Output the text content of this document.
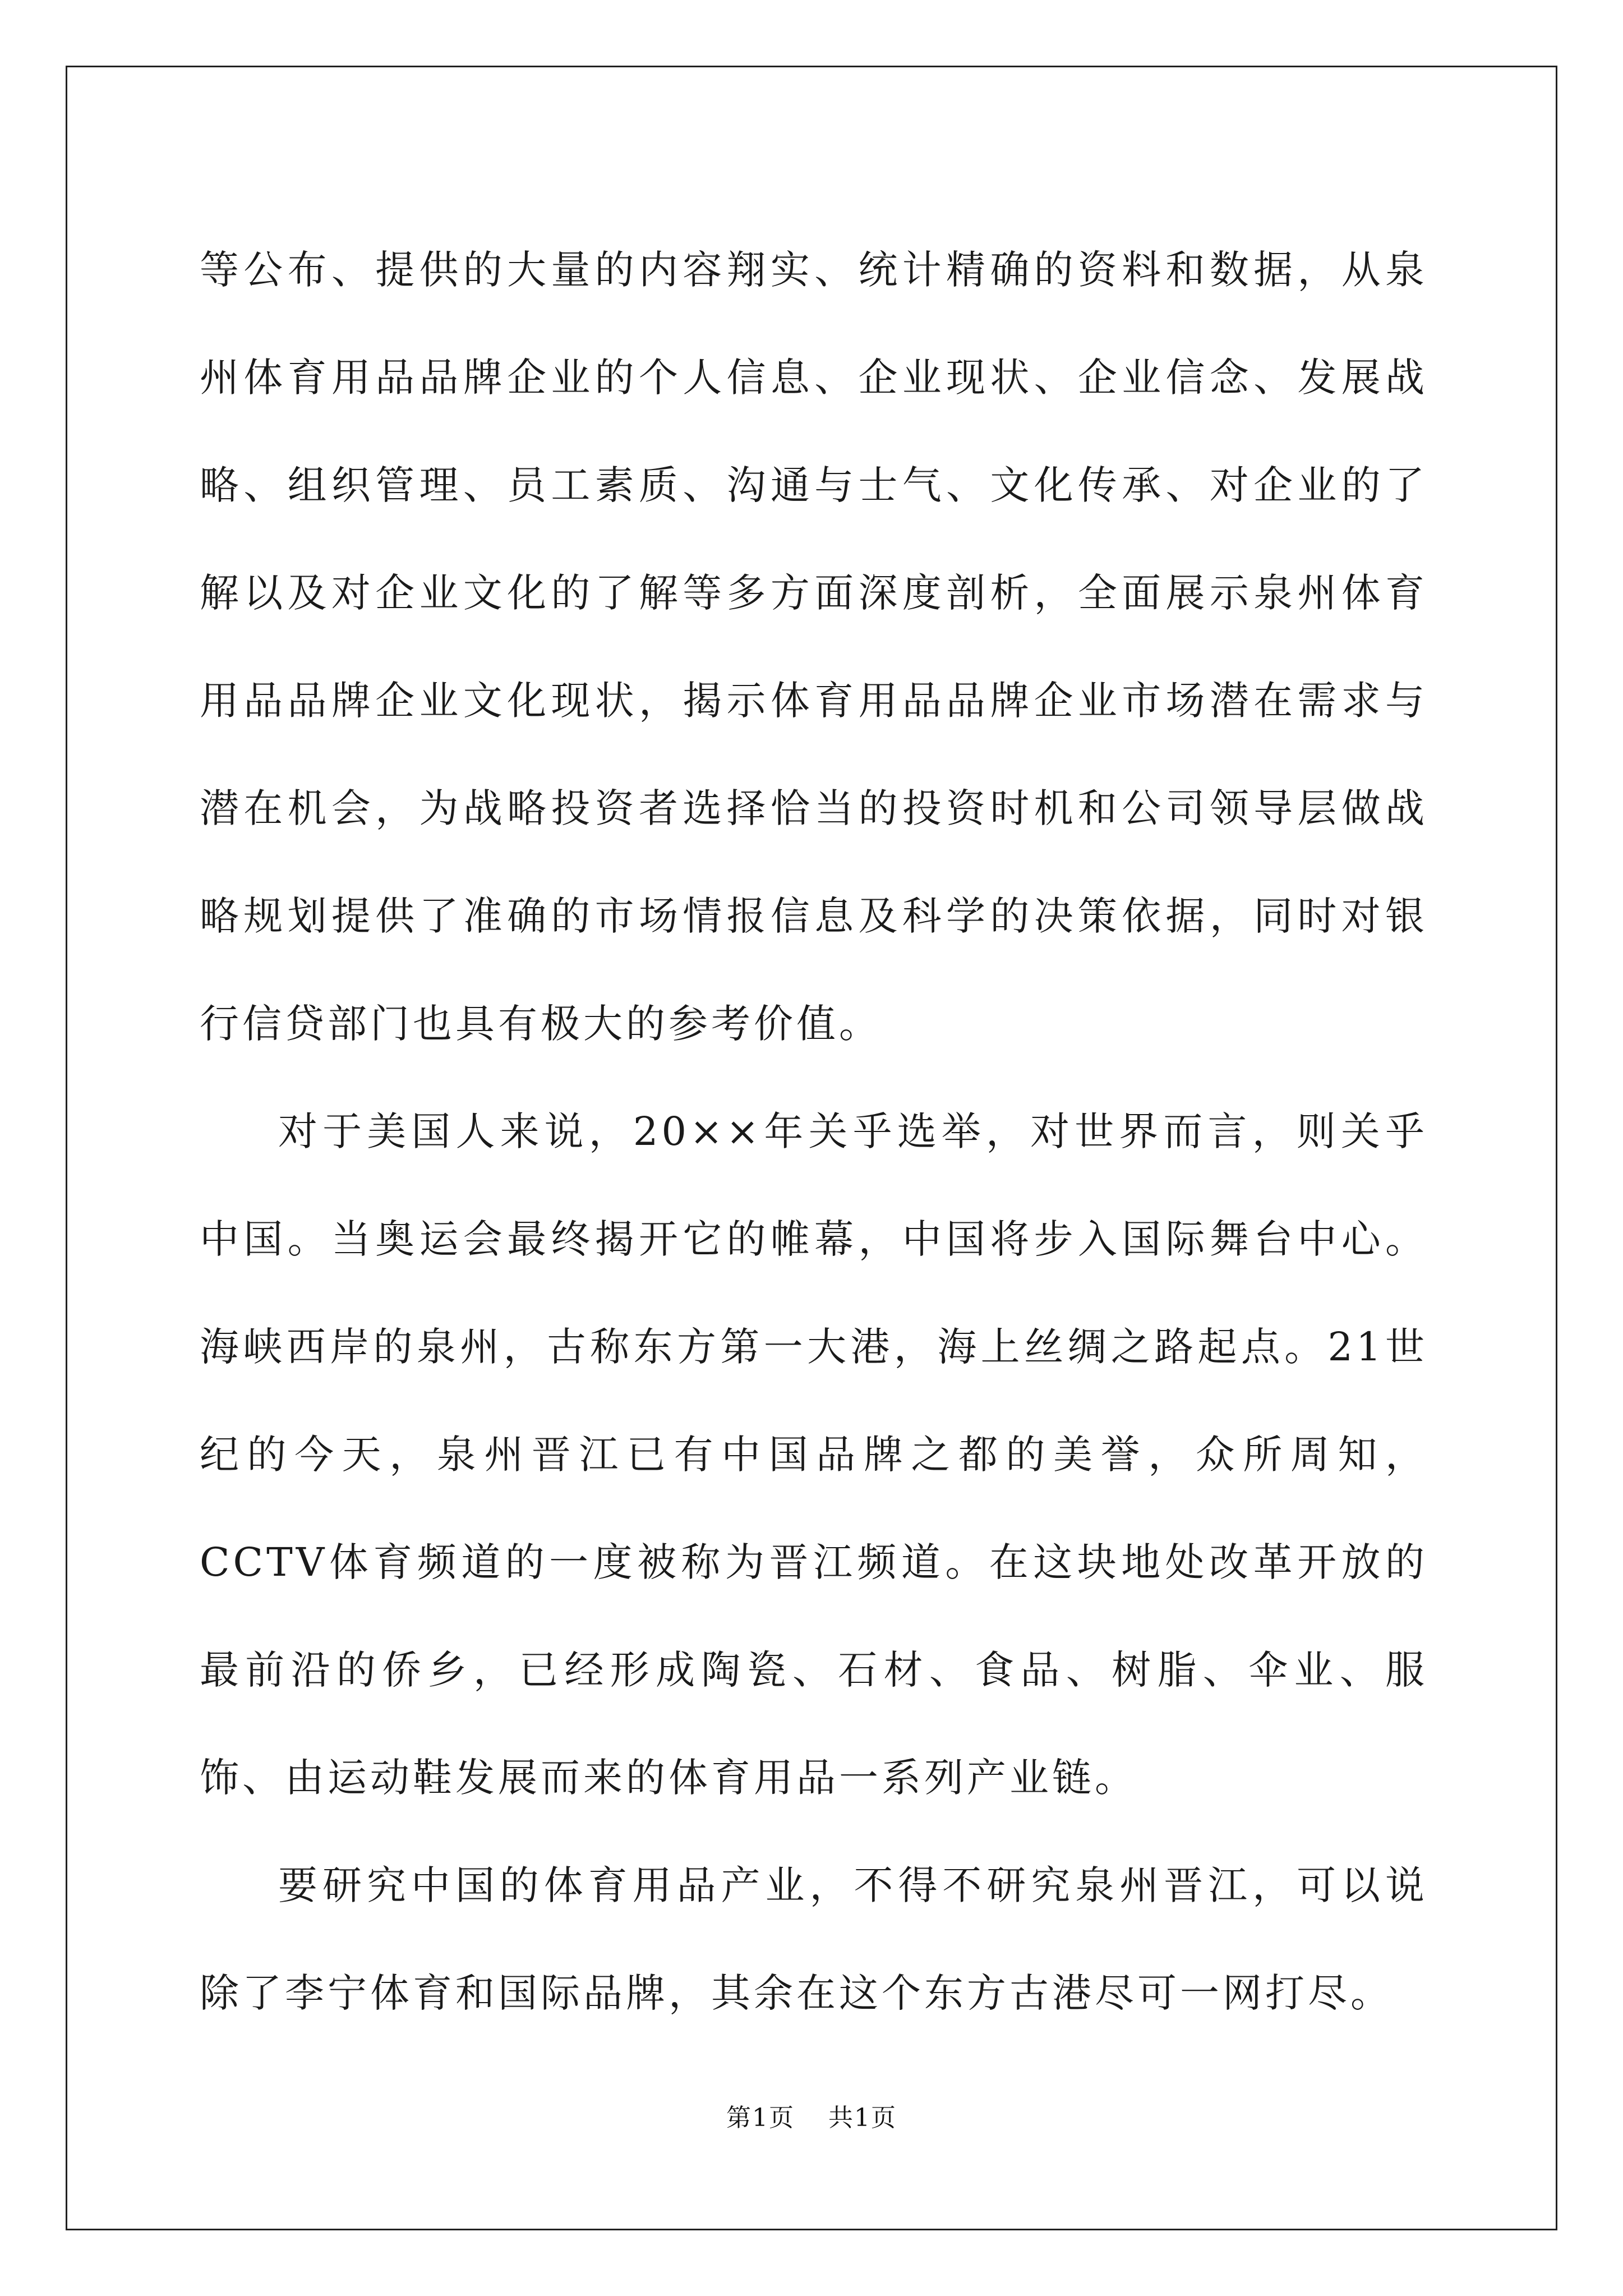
等公布、提供的大量的内容翔实、统计精确的资料和数据，从泉州体育用品品牌企业的个人信息、企业现状、企业信念、发展战略、组织管理、员工素质、沟通与士气、文化传承、对企业的了解以及对企业文化的了解等多方面深度剖析，全面展示泉州体育用品品牌企业文化现状，揭示体育用品品牌企业市场潜在需求与潜在机会，为战略投资者选择恰当的投资时机和公司领导层做战略规划提供了准确的市场情报信息及科学的决策依据，同时对银行信贷部门也具有极大的参考价值。

对于美国人来说，20××年关乎选举，对世界而言，则关乎中国。当奥运会最终揭开它的帷幕，中国将步入国际舞台中心。海峡西岸的泉州，古称东方第一大港，海上丝绸之路起点。21世纪的今天，泉州晋江已有中国品牌之都的美誉，众所周知，CCTV体育频道的一度被称为晋江频道。在这块地处改革开放的最前沿的侨乡，已经形成陶瓷、石材、食品、树脂、伞业、服饰、由运动鞋发展而来的体育用品一系列产业链。

要研究中国的体育用品产业，不得不研究泉州晋江，可以说除了李宁体育和国际品牌，其余在这个东方古港尽可一网打尽。

第1页 共1页
